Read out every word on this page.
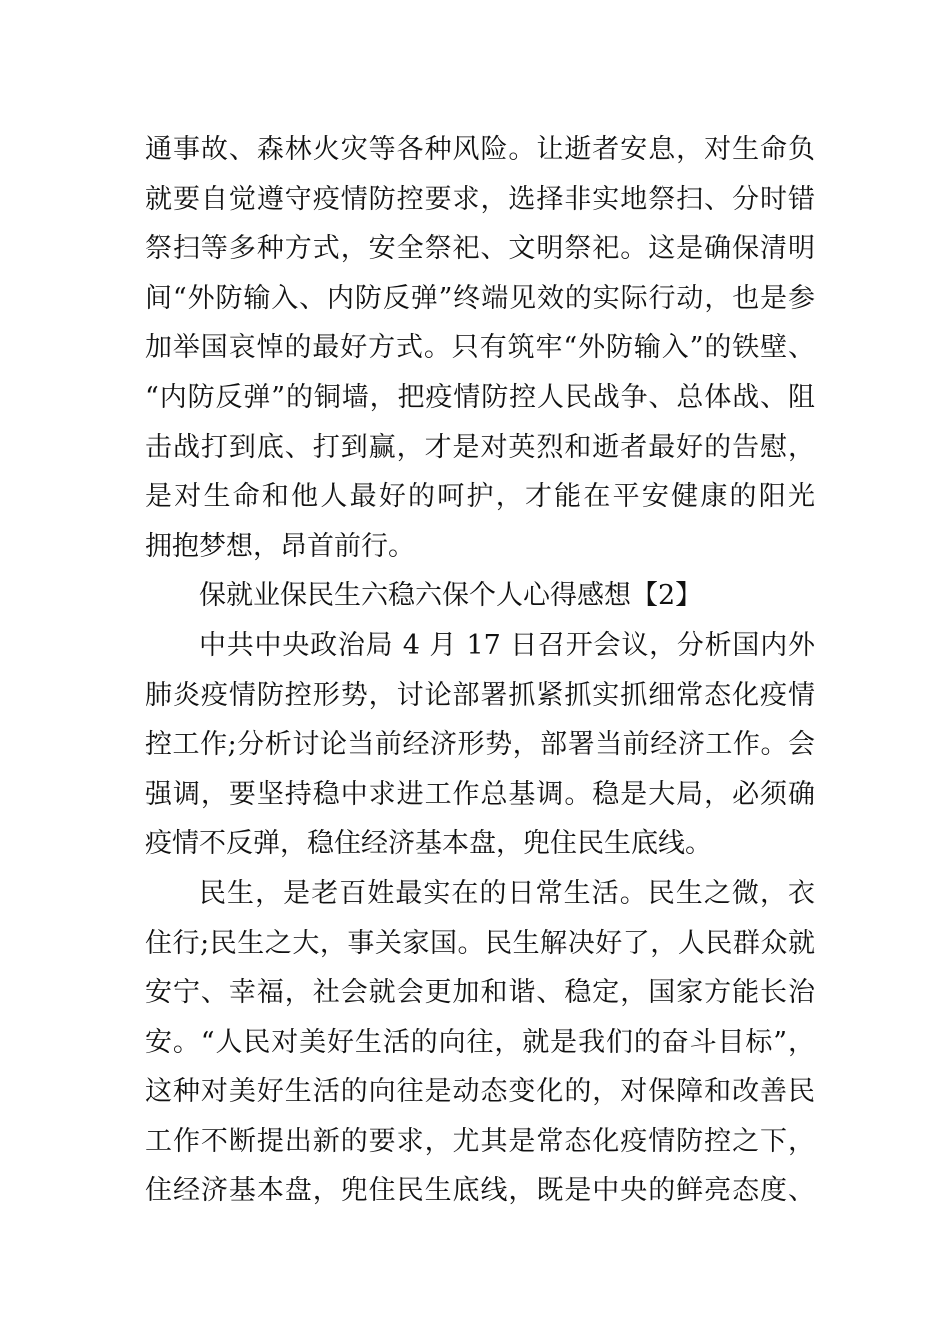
通事故、森林火灾等各种风险。让逝者安息，对生命负
就要自觉遵守疫情防控要求，选择非实地祭扫、分时错
祭扫等多种方式，安全祭祀、文明祭祀。这是确保清明
间“外防输入、内防反弹”终端见效的实际行动，也是参
加举国哀悼的最好方式。只有筑牢“外防输入”的铁壁、
“内防反弹”的铜墙，把疫情防控人民战争、总体战、阻
击战打到底、打到赢，才是对英烈和逝者最好的告慰，
是对生命和他人最好的呵护，才能在平安健康的阳光
拥抱梦想，昂首前行。
保就业保民生六稳六保个人心得感想【2】
中共中央政治局 4 月 17 日召开会议，分析国内外
肺炎疫情防控形势，讨论部署抓紧抓实抓细常态化疫情
控工作;分析讨论当前经济形势，部署当前经济工作。会
强调，要坚持稳中求进工作总基调。稳是大局，必须确
疫情不反弹，稳住经济基本盘，兜住民生底线。
民生，是老百姓最实在的日常生活。民生之微，衣
住行;民生之大，事关家国。民生解决好了，人民群众就
安宁、幸福，社会就会更加和谐、稳定，国家方能长治
安。“人民对美好生活的向往，就是我们的奋斗目标”，
这种对美好生活的向往是动态变化的，对保障和改善民
工作不断提出新的要求，尤其是常态化疫情防控之下，
住经济基本盘，兜住民生底线，既是中央的鲜亮态度、
